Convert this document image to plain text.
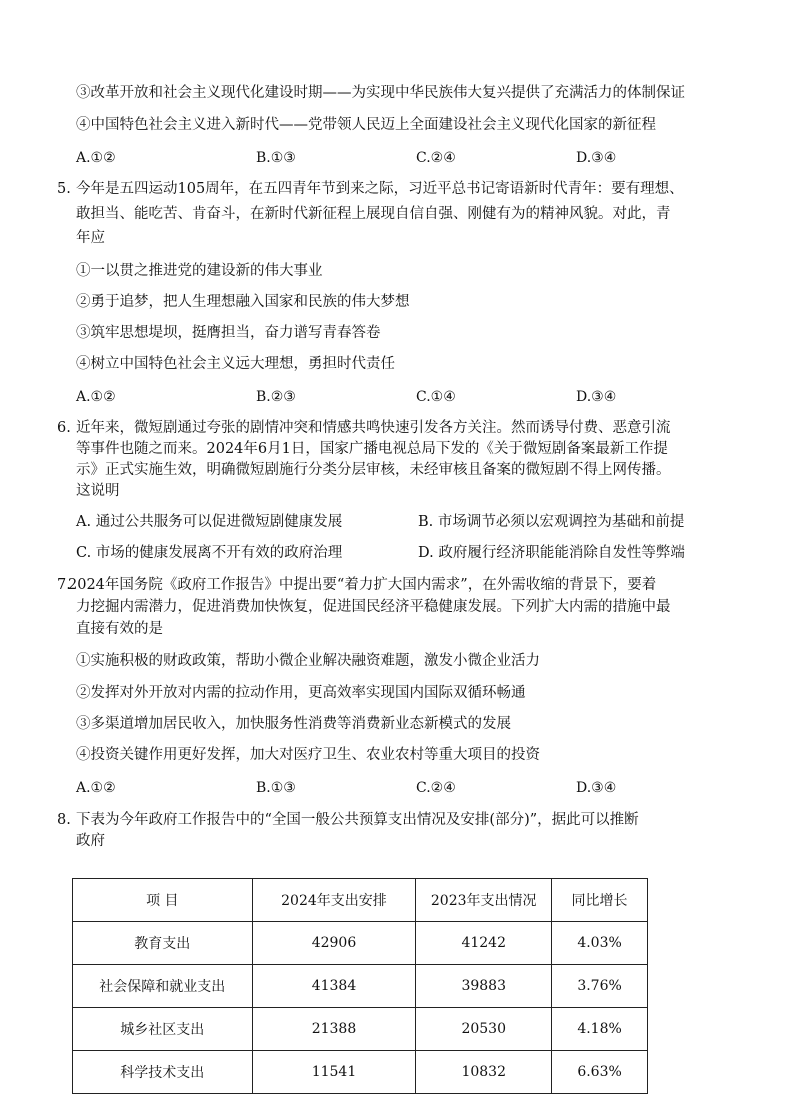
③改革开放和社会主义现代化建设时期——为实现中华民族伟大复兴提供了充满活力的体制保证
④中国特色社会主义进入新时代——党带领人民迈上全面建设社会主义现代化国家的新征程
A.①②	B.①③	C.②④	D.③④
5. 今年是五四运动105周年，在五四青年节到来之际，习近平总书记寄语新时代青年：要有理想、
敢担当、能吃苦、肯奋斗，在新时代新征程上展现自信自强、刚健有为的精神风貌。对此，青
年应
①一以贯之推进党的建设新的伟大事业
②勇于追梦，把人生理想融入国家和民族的伟大梦想
③筑牢思想堤坝，挺膺担当，奋力谱写青春答卷
④树立中国特色社会主义远大理想，勇担时代责任
A.①②	B.②③	C.①④	D.③④
6. 近年来，微短剧通过夸张的剧情冲突和情感共鸣快速引发各方关注。然而诱导付费、恶意引流
等事件也随之而来。2024年6月1日，国家广播电视总局下发的《关于微短剧备案最新工作提
示》正式实施生效，明确微短剧施行分类分层审核，未经审核且备案的微短剧不得上网传播。
这说明
A. 通过公共服务可以促进微短剧健康发展	B. 市场调节必须以宏观调控为基础和前提
C. 市场的健康发展离不开有效的政府治理	D. 政府履行经济职能能消除自发性等弊端
7.
2024年国务院《政府工作报告》中提出要“着力扩大国内需求”，在外需收缩的背景下，要着
力挖掘内需潜力，促进消费加快恢复，促进国民经济平稳健康发展。下列扩大内需的措施中最
直接有效的是
①实施积极的财政政策，帮助小微企业解决融资难题，激发小微企业活力
②发挥对外开放对内需的拉动作用，更高效率实现国内国际双循环畅通
③多渠道增加居民收入，加快服务性消费等消费新业态新模式的发展
④投资关键作用更好发挥，加大对医疗卫生、农业农村等重大项目的投资
A.①②	B.①③	C.②④	D.③④
8. 下表为今年政府工作报告中的“全国一般公共预算支出情况及安排(部分)”，据此可以推断
政府
项 目	2024年支出安排	2023年支出情况	同比增长
教育支出	42906	41242	4.03%
社会保障和就业支出	41384	39883	3.76%
城乡社区支出	21388	20530	4.18%
科学技术支出	11541	10832	6.63%
